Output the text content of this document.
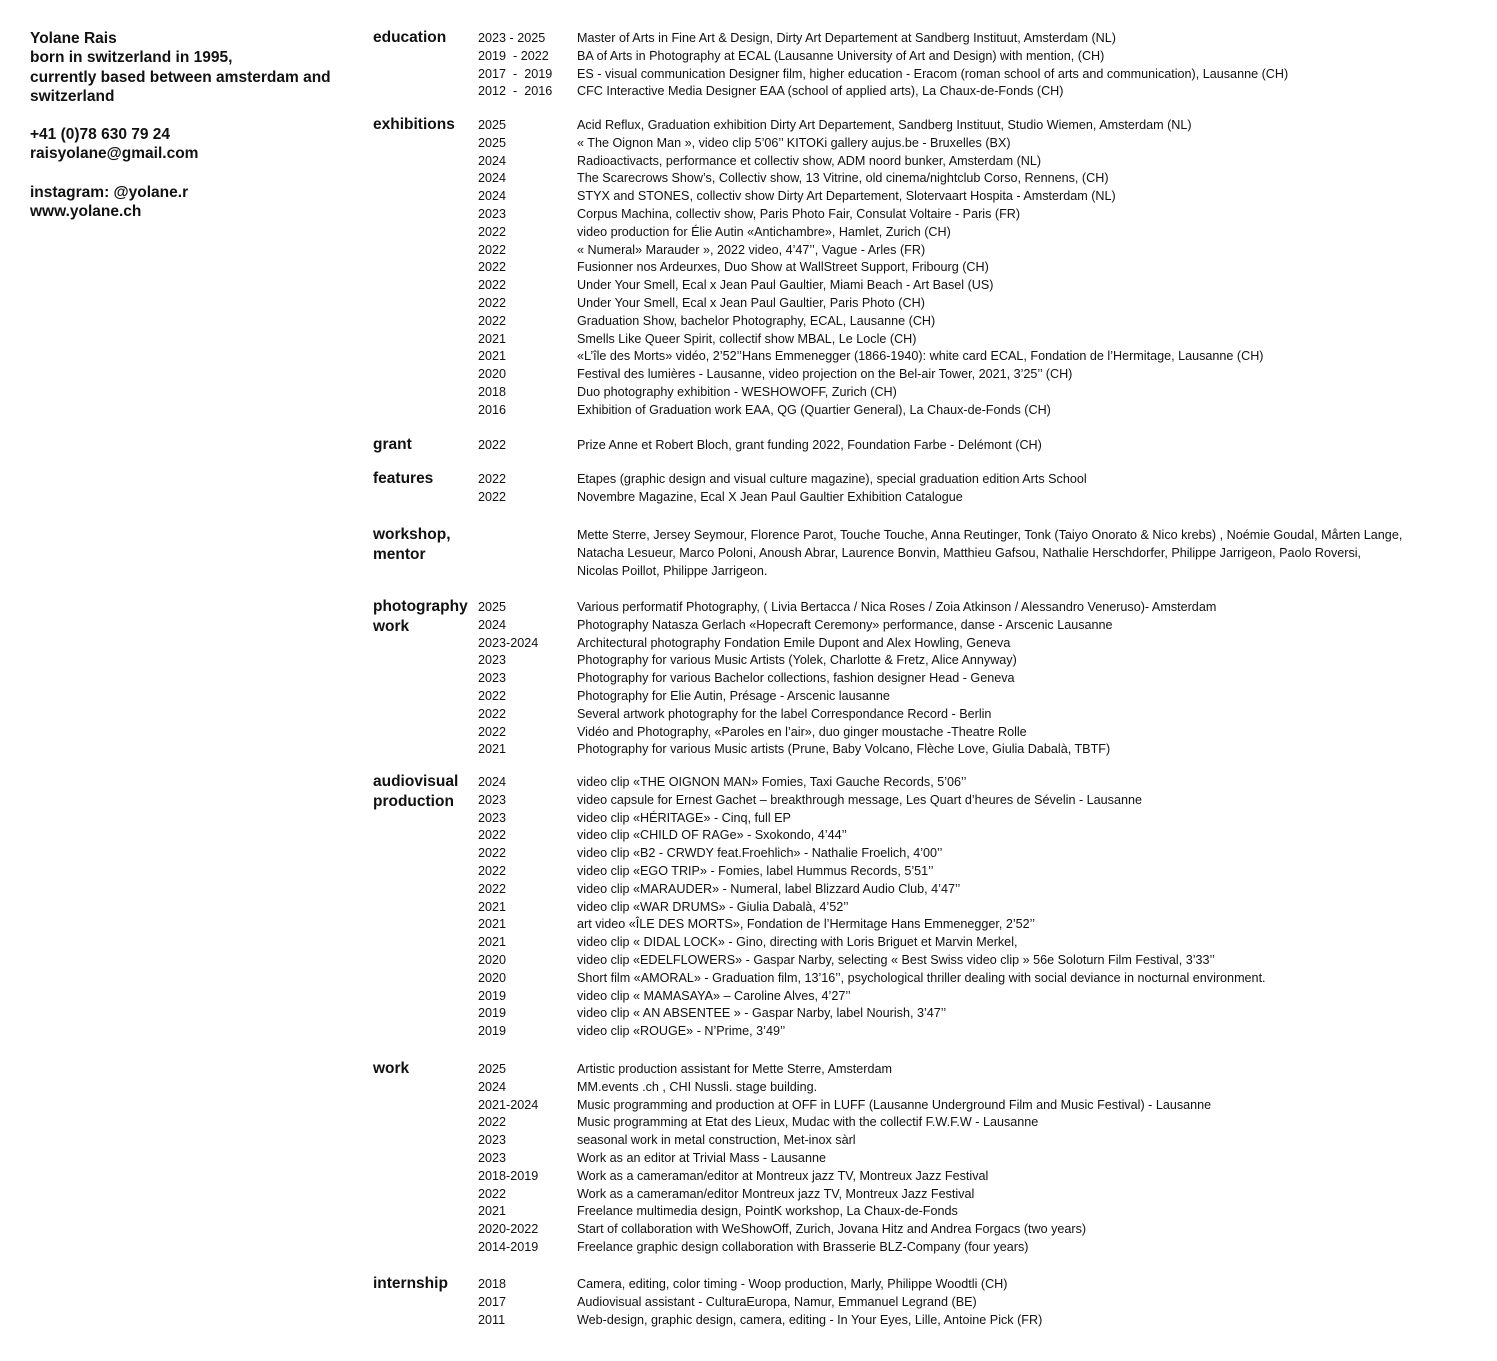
Yolane Rais
born in switzerland in 1995,
currently based between amsterdam and
switzerland
+41 (0)78 630 79 24
raisyolane@gmail.com
instagram: @yolane.r
www.yolane.ch
education	2023 - 2025	Master of Arts in Fine Art & Design, Dirty Art Departement at Sandberg Instituut, Amsterdam (NL)
2019  - 2022	BA of Arts in Photography at ECAL (Lausanne University of Art and Design) with mention, (CH)
2017  -  2019	ES - visual communication Designer film, higher education - Eracom (roman school of arts and communication), Lausanne (CH)
2012  -  2016	CFC Interactive Media Designer EAA (school of applied arts), La Chaux-de-Fonds (CH)
exhibitions	2025	Acid Reflux, Graduation exhibition Dirty Art Departement, Sandberg Instituut, Studio Wiemen, Amsterdam (NL)
2025	« The Oignon Man », video clip 5’06’’ KITOKi gallery aujus.be - Bruxelles (BX)
2024	Radioactivacts, performance et collectiv show, ADM noord bunker, Amsterdam (NL)
2024	The Scarecrows Show’s, Collectiv show, 13 Vitrine, old cinema/nightclub Corso, Rennens, (CH)
2024	STYX and STONES, collectiv show Dirty Art Departement, Slotervaart Hospita - Amsterdam (NL)
2023	Corpus Machina, collectiv show, Paris Photo Fair, Consulat Voltaire - Paris (FR)
2022	video production for Élie Autin «Antichambre», Hamlet, Zurich (CH)
2022	« Numeral» Marauder », 2022 video, 4’47’’, Vague - Arles (FR)
2022	Fusionner nos Ardeurxes, Duo Show at WallStreet Support, Fribourg (CH)
2022	Under Your Smell, Ecal x Jean Paul Gaultier, Miami Beach - Art Basel (US)
2022	Under Your Smell, Ecal x Jean Paul Gaultier, Paris Photo (CH)
2022	Graduation Show, bachelor Photography, ECAL, Lausanne (CH)
2021	Smells Like Queer Spirit, collectif show MBAL, Le Locle (CH)
2021	«L’île des Morts» vidéo, 2’52’’Hans Emmenegger (1866-1940): white card ECAL, Fondation de l’Hermitage, Lausanne (CH)
2020	Festival des lumières - Lausanne, video projection on the Bel-air Tower, 2021, 3’25’’ (CH)
2018	Duo photography exhibition - WESHOWOFF, Zurich (CH)
2016	Exhibition of Graduation work EAA, QG (Quartier General), La Chaux-de-Fonds (CH)
grant	2022	Prize Anne et Robert Bloch, grant funding 2022, Foundation Farbe - Delémont (CH)
features	2022	Etapes (graphic design and visual culture magazine), special graduation edition Arts School
2022	Novembre Magazine, Ecal X Jean Paul Gaultier Exhibition Catalogue
workshop,
mentor
Mette Sterre, Jersey Seymour, Florence Parot, Touche Touche, Anna Reutinger, Tonk (Taiyo Onorato & Nico krebs) , Noémie Goudal, Mårten Lange,
Natacha Lesueur, Marco Poloni, Anoush Abrar, Laurence Bonvin, Matthieu Gafsou, Nathalie Herschdorfer, Philippe Jarrigeon, Paolo Roversi,
Nicolas Poillot, Philippe Jarrigeon.
photography
work
2025	Various performatif Photography, ( Livia Bertacca / Nica Roses / Zoia Atkinson / Alessandro Veneruso)- Amsterdam
2024	Photography Natasza Gerlach «Hopecraft Ceremony» performance, danse - Arscenic Lausanne
2023-2024	Architectural photography Fondation Emile Dupont and Alex Howling, Geneva
2023	Photography for various Music Artists (Yolek, Charlotte & Fretz, Alice Annyway)
2023	Photography for various Bachelor collections, fashion designer Head - Geneva
2022	Photography for Elie Autin, Présage - Arscenic lausanne
2022	Several artwork photography for the label Correspondance Record - Berlin
2022	Vidéo and Photography, «Paroles en l’air», duo ginger moustache -Theatre Rolle
2021	Photography for various Music artists (Prune, Baby Volcano, Flèche Love, Giulia Dabalà, TBTF)
audiovisual
production
2024	video clip «THE OIGNON MAN» Fomies, Taxi Gauche Records, 5’06’’
2023	video capsule for Ernest Gachet – breakthrough message, Les Quart d’heures de Sévelin - Lausanne
2023	video clip «HÉRITAGE» - Cinq, full EP
2022	video clip «CHILD OF RAGe» - Sxokondo, 4’44’’
2022	video clip «B2 - CRWDY feat.Froehlich» - Nathalie Froelich, 4’00’’
2022	video clip «EGO TRIP» - Fomies, label Hummus Records, 5’51’’
2022	video clip «MARAUDER» - Numeral, label Blizzard Audio Club, 4’47’’
2021	video clip «WAR DRUMS» - Giulia Dabalà, 4’52’’
2021	art video «ÎLE DES MORTS», Fondation de l’Hermitage Hans Emmenegger, 2’52’’
2021	video clip « DIDAL LOCK» - Gino, directing with Loris Briguet et Marvin Merkel,
2020	video clip «EDELFLOWERS» - Gaspar Narby, selecting « Best Swiss video clip » 56e Soloturn Film Festival, 3’33’’
2020	Short film «AMORAL» - Graduation film, 13’16’’, psychological thriller dealing with social deviance in nocturnal environment.
2019	video clip « MAMASAYA» – Caroline Alves, 4’27’’
2019	video clip « AN ABSENTEE » - Gaspar Narby, label Nourish, 3’47’’
2019	video clip «ROUGE» - N’Prime, 3’49’’
work	2025	Artistic production assistant for Mette Sterre, Amsterdam
2024	MM.events .ch , CHI Nussli. stage building.
2021-2024	Music programming and production at OFF in LUFF (Lausanne Underground Film and Music Festival) - Lausanne
2022	Music programming at Etat des Lieux, Mudac with the collectif F.W.F.W - Lausanne
2023	seasonal work in metal construction, Met-inox sàrl
2023	Work as an editor at Trivial Mass - Lausanne
2018-2019	Work as a cameraman/editor at Montreux jazz TV, Montreux Jazz Festival
2022	Work as a cameraman/editor Montreux jazz TV, Montreux Jazz Festival
2021	Freelance multimedia design, PointK workshop, La Chaux-de-Fonds
2020-2022	Start of collaboration with WeShowOff, Zurich, Jovana Hitz and Andrea Forgacs (two years)
2014-2019	Freelance graphic design collaboration with Brasserie BLZ-Company (four years)
internship	2018	Camera, editing, color timing - Woop production, Marly, Philippe Woodtli (CH)
2017	Audiovisual assistant - CulturaEuropa, Namur, Emmanuel Legrand (BE)
2011	Web-design, graphic design, camera, editing - In Your Eyes, Lille, Antoine Pick (FR)
